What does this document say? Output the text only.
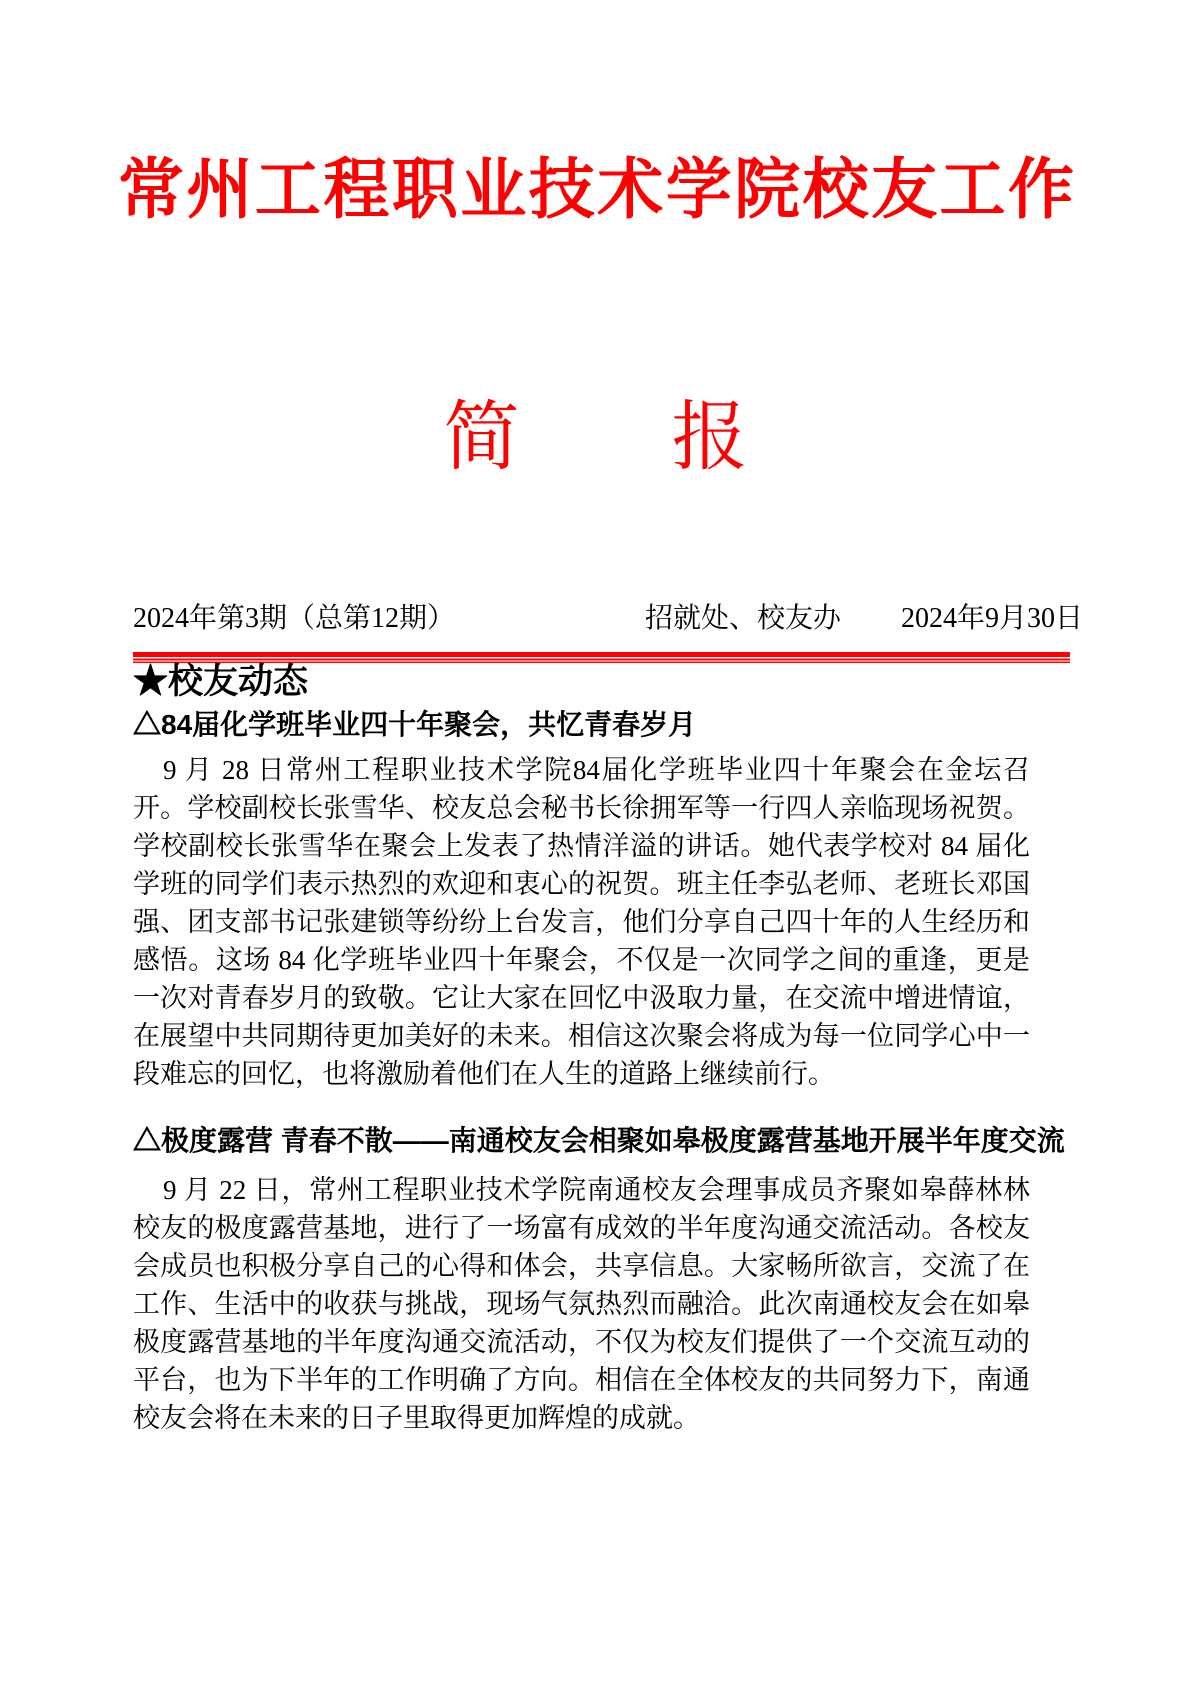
常州工程职业技术学院校友工作
简　　报
2024年第3期（总第12期）	招就处、校友办 2024年9月30日
★校友动态
△84届化学班毕业四十年聚会，共忆青春岁月
9 月 28 日常州工程职业技术学院84届化学班毕业四十年聚会在金坛召开。学校副校长张雪华、校友总会秘书长徐拥军等一行四人亲临现场祝贺。 学校副校长张雪华在聚会上发表了热情洋溢的讲话。她代表学校对 84 届化学班的同学们表示热烈的欢迎和衷心的祝贺。班主任李弘老师、老班长邓国强、团支部书记张建锁等纷纷上台发言，他们分享自己四十年的人生经历和感悟。这场 84 化学班毕业四十年聚会，不仅是一次同学之间的重逢，更是一次对青春岁月的致敬。它让大家在回忆中汲取力量，在交流中增进情谊，在展望中共同期待更加美好的未来。相信这次聚会将成为每一位同学心中一段难忘的回忆，也将激励着他们在人生的道路上继续前行。
△极度露营 青春不散——南通校友会相聚如皋极度露营基地开展半年度交流
9 月 22 日，常州工程职业技术学院南通校友会理事成员齐聚如皋薛林林校友的极度露营基地，进行了一场富有成效的半年度沟通交流活动。各校友会成员也积极分享自己的心得和体会，共享信息。大家畅所欲言，交流了在工作、生活中的收获与挑战，现场气氛热烈而融洽。此次南通校友会在如皋极度露营基地的半年度沟通交流活动，不仅为校友们提供了一个交流互动的平台，也为下半年的工作明确了方向。相信在全体校友的共同努力下，南通校友会将在未来的日子里取得更加辉煌的成就。
